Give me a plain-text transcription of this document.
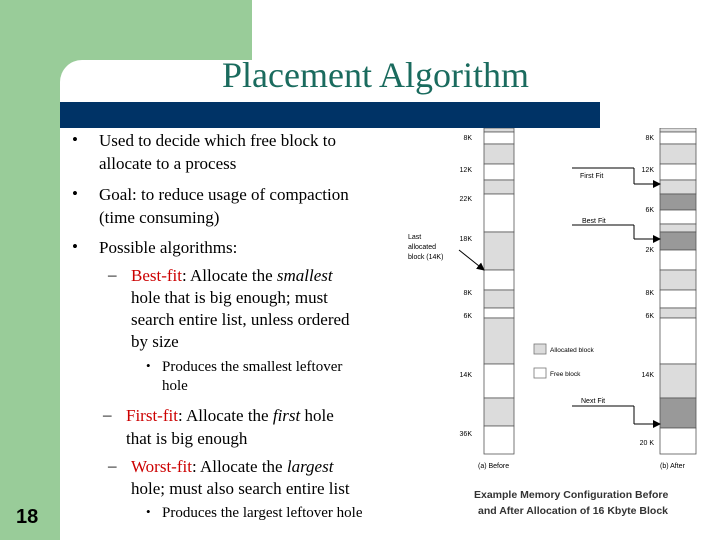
Placement Algorithm
• Used to decide which free block to
allocate to a process
• Goal: to reduce usage of compaction
(time consuming)
• Possible algorithms:
– Best-fit: Allocate the smallest
hole that is big enough; must
search entire list, unless ordered
by size
• Produces the smallest leftover
hole
– First-fit: Allocate the first hole
that is big enough
– Worst-fit: Allocate the largest
hole; must also search entire list
• Produces the largest leftover hole
18
8K
12K
22K
18K
8K
6K
14K
36K
8K
12K
6K
2K
8K
6K
14K
20 K
First Fit
Best Fit
Last
allocated
block (14K)
Next Fit
Allocated block
Free block
(a) Before	(b) After
Example Memory Configuration Before
and After Allocation of 16 Kbyte Block
